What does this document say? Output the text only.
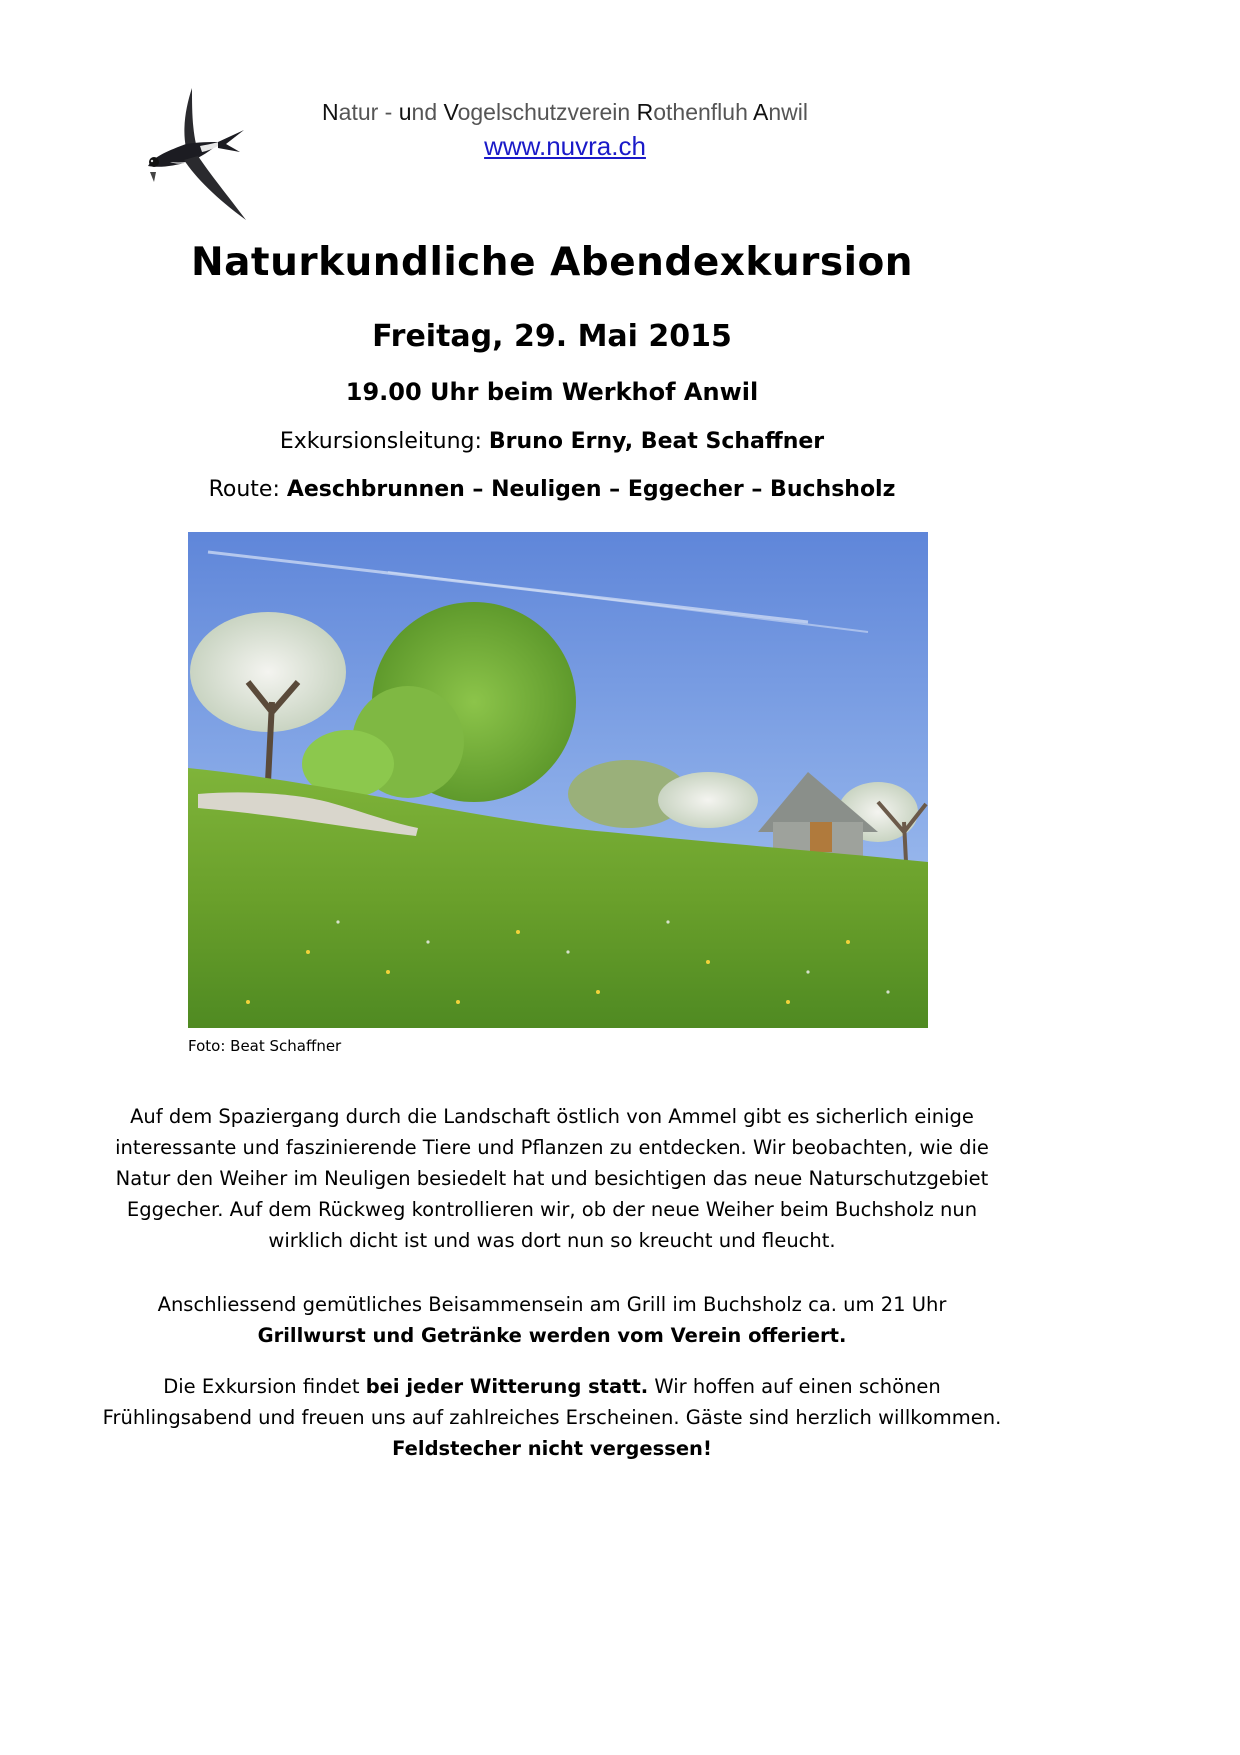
Natur - und Vogelschutzverein Rothenfluh Anwil
www.nuvra.ch
Naturkundliche Abendexkursion
Freitag, 29. Mai 2015
19.00 Uhr beim Werkhof Anwil
Exkursionsleitung: Bruno Erny, Beat Schaffner
Route: Aeschbrunnen – Neuligen – Eggecher – Buchsholz
Foto: Beat Schaffner
Auf dem Spaziergang durch die Landschaft östlich von Ammel gibt es sicherlich einige
interessante und faszinierende Tiere und Pflanzen zu entdecken. Wir beobachten, wie die
Natur den Weiher im Neuligen besiedelt hat und besichtigen das neue Naturschutzgebiet
Eggecher. Auf dem Rückweg kontrollieren wir, ob der neue Weiher beim Buchsholz nun
wirklich dicht ist und was dort nun so kreucht und fleucht.
Anschliessend gemütliches Beisammensein am Grill im Buchsholz ca. um 21 Uhr
Grillwurst und Getränke werden vom Verein offeriert.
Die Exkursion findet bei jeder Witterung statt. Wir hoffen auf einen schönen
Frühlingsabend und freuen uns auf zahlreiches Erscheinen. Gäste sind herzlich willkommen.
Feldstecher nicht vergessen!
